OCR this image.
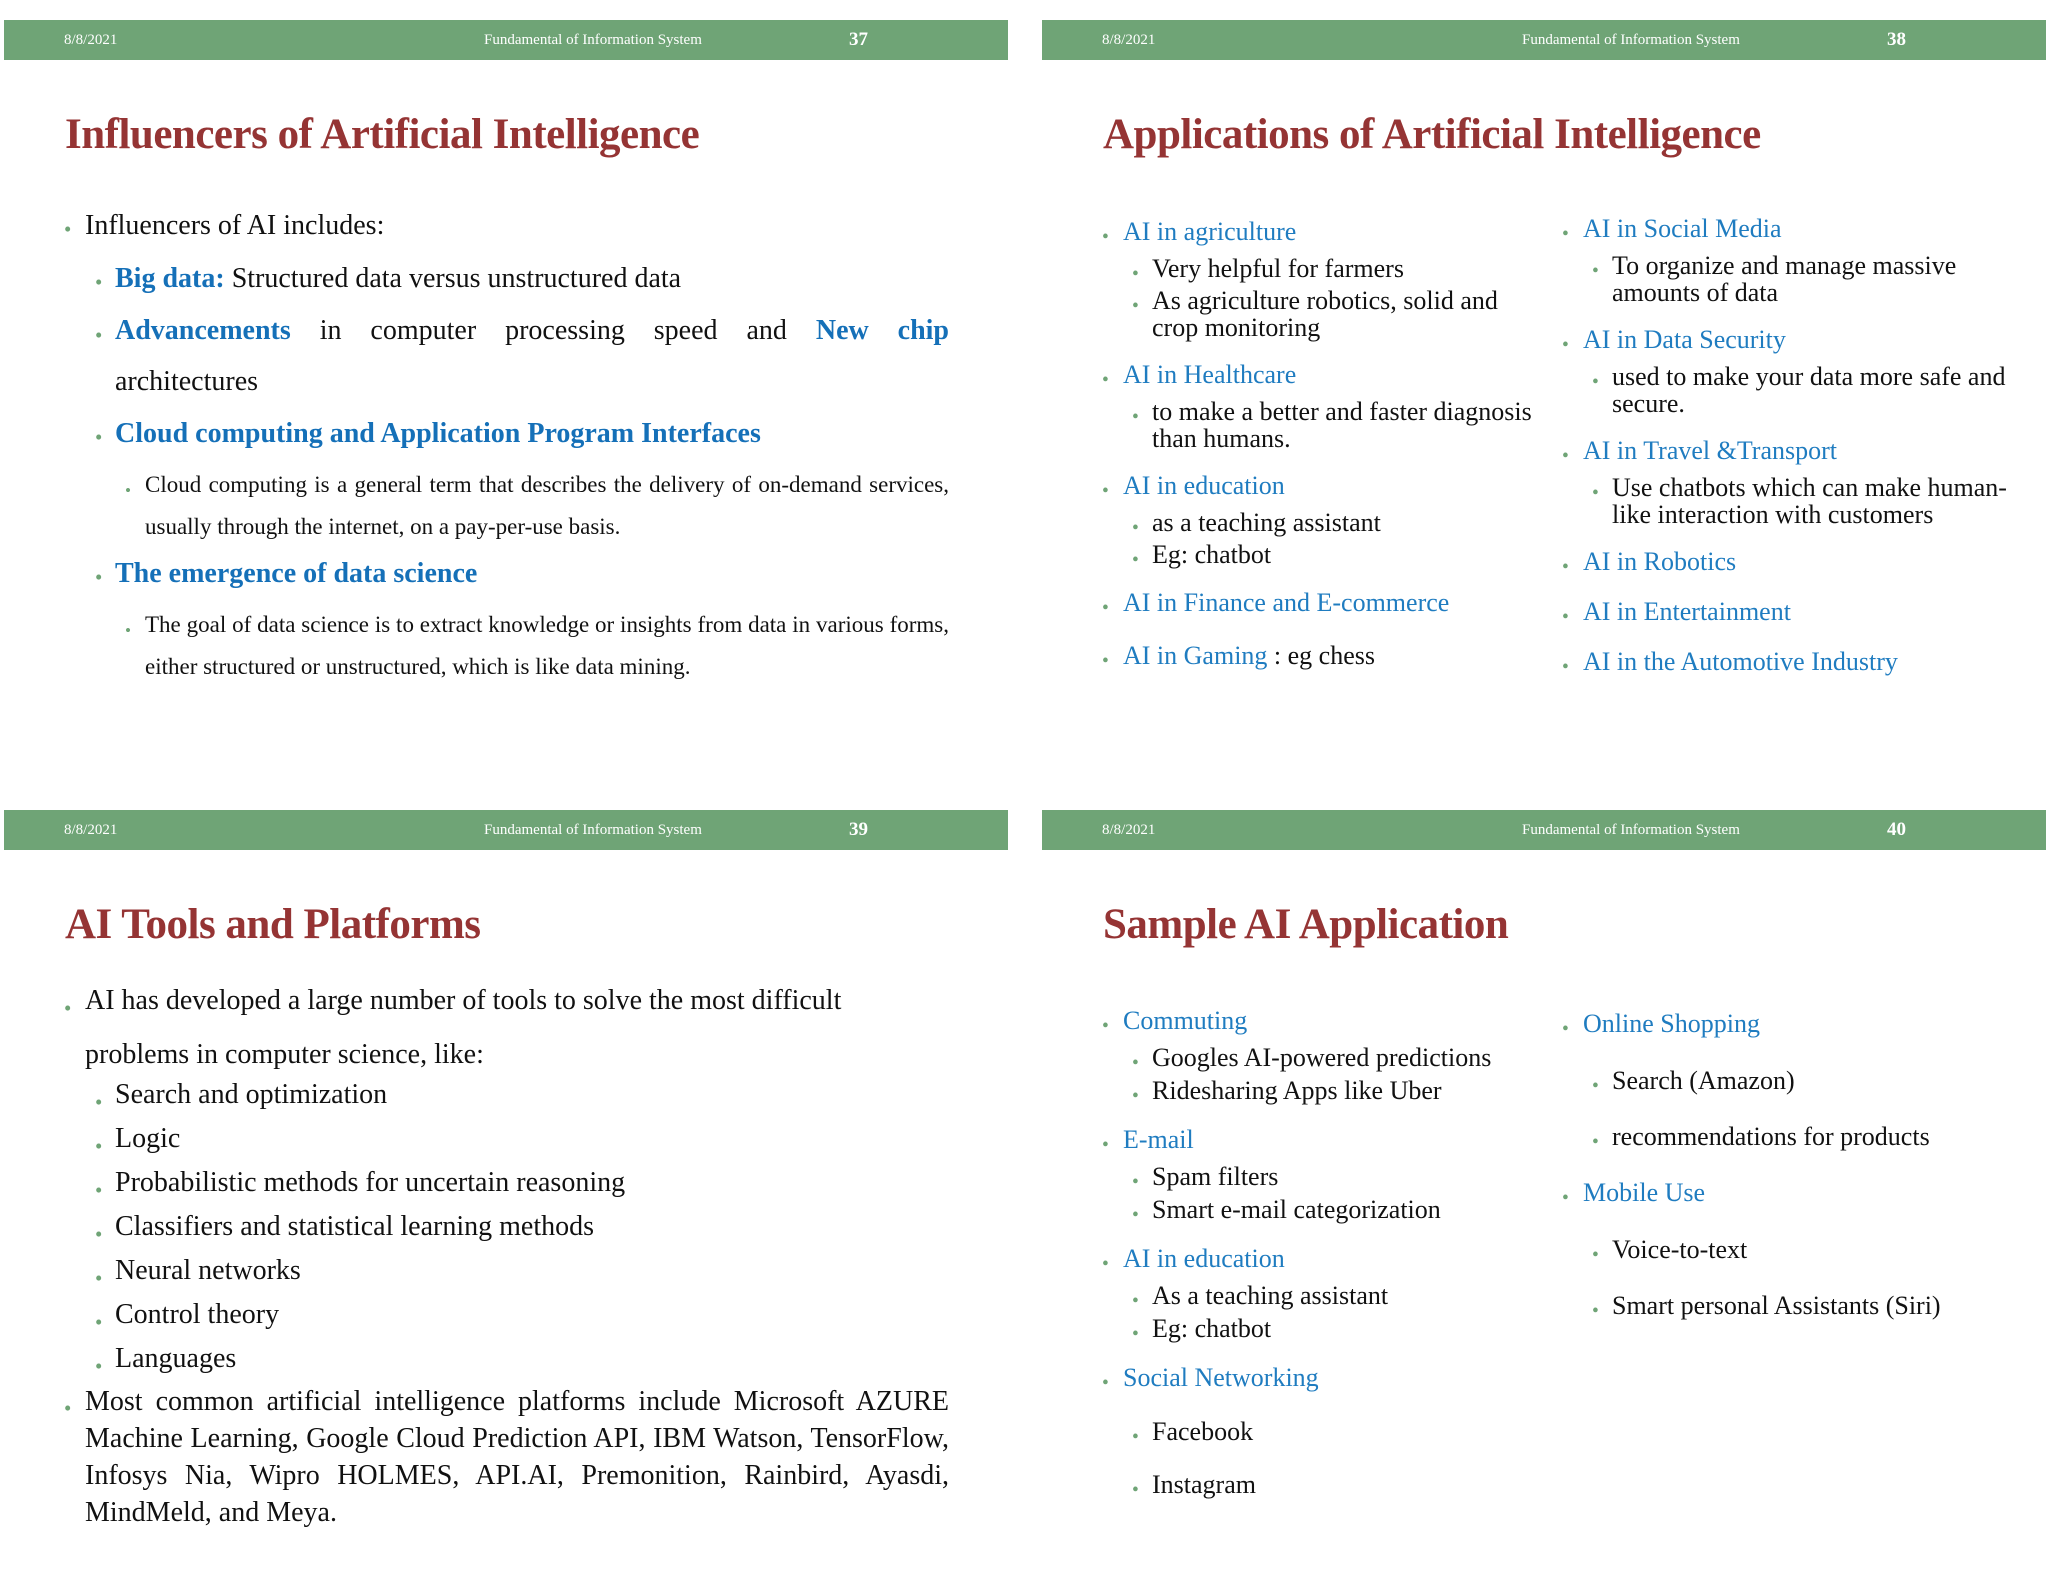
8/8/2021	Fundamental of Information System	37
Influencers of Artificial Intelligence
• Influencers of AI includes:
• Big data: Structured data versus unstructured data
• Advancements in computer processing speed and New chip
architectures
• Cloud computing and Application Program Interfaces
• Cloud computing is a general term that describes the delivery of on-demand services, usually through the internet, on a pay-per-use basis.
• The emergence of data science
• The goal of data science is to extract knowledge or insights from data in various forms, either structured or unstructured, which is like data mining.
8/8/2021	Fundamental of Information System	38
Applications of Artificial Intelligence
• AI in agriculture
• Very helpful for farmers
• As agriculture robotics, solid and crop monitoring
• AI in Healthcare
• to make a better and faster diagnosis than humans.
• AI in education
• as a teaching assistant
• Eg: chatbot
• AI in Finance and E-commerce
• AI in Gaming : eg chess
• AI in Social Media
• To organize and manage massive amounts of data
• AI in Data Security
• used to make your data more safe and secure.
• AI in Travel &Transport
• Use chatbots which can make human-like interaction with customers
• AI in Robotics
• AI in Entertainment
• AI in the Automotive Industry
8/8/2021	Fundamental of Information System	39
AI Tools and Platforms
• AI has developed a large number of tools to solve the most difficult
problems in computer science, like:
• Search and optimization
• Logic
• Probabilistic methods for uncertain reasoning
• Classifiers and statistical learning methods
• Neural networks
• Control theory
• Languages
• Most common artificial intelligence platforms include Microsoft AZURE Machine Learning, Google Cloud Prediction API, IBM Watson, TensorFlow, Infosys Nia, Wipro HOLMES, API.AI, Premonition, Rainbird, Ayasdi, MindMeld, and Meya.
8/8/2021	Fundamental of Information System	40
Sample AI Application
• Commuting
• Googles AI-powered predictions
• Ridesharing Apps like Uber
• E-mail
• Spam filters
• Smart e-mail categorization
• AI in education
• As a teaching assistant
• Eg: chatbot
• Social Networking
• Facebook
• Instagram
• Online Shopping
• Search (Amazon)
• recommendations for products
• Mobile Use
• Voice-to-text
• Smart personal Assistants (Siri)
